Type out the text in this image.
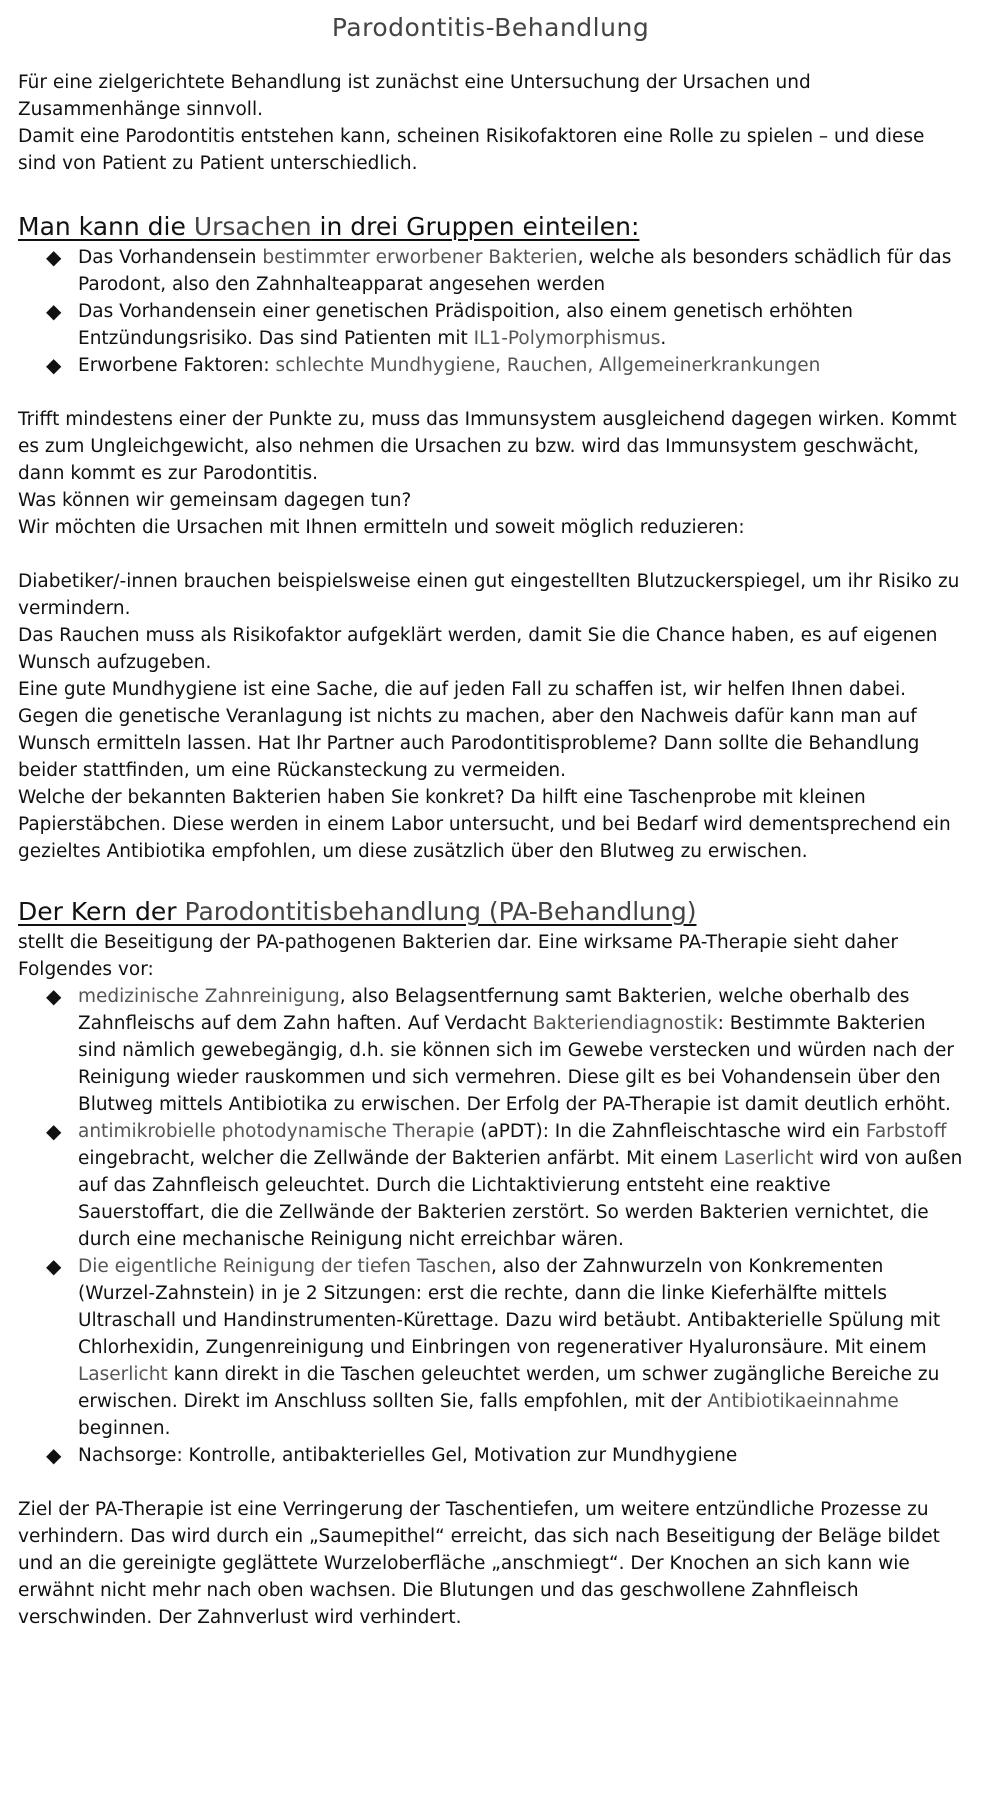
Parodontitis-Behandlung

Für eine zielgerichtete Behandlung ist zunächst eine Untersuchung der Ursachen und Zusammenhänge sinnvoll.

Damit eine Parodontitis entstehen kann, scheinen Risikofaktoren eine Rolle zu spielen – und diese sind von Patient zu Patient unterschiedlich.

Man kann die Ursachen in drei Gruppen einteilen:
◆ Das Vorhandensein bestimmter erworbener Bakterien, welche als besonders schädlich für das Parodont, also den Zahnhalteapparat angesehen werden
◆ Das Vorhandensein einer genetischen Prädispoition, also einem genetisch erhöhten Entzündungsrisiko. Das sind Patienten mit IL1-Polymorphismus.
◆ Erworbene Faktoren: schlechte Mundhygiene, Rauchen, Allgemeinerkrankungen

Trifft mindestens einer der Punkte zu, muss das Immunsystem ausgleichend dagegen wirken. Kommt es zum Ungleichgewicht, also nehmen die Ursachen zu bzw. wird das Immunsystem geschwächt, dann kommt es zur Parodontitis.

Was können wir gemeinsam dagegen tun?

Wir möchten die Ursachen mit Ihnen ermitteln und soweit möglich reduzieren:

Diabetiker/-innen brauchen beispielsweise einen gut eingestellten Blutzuckerspiegel, um ihr Risiko zu vermindern.

Das Rauchen muss als Risikofaktor aufgeklärt werden, damit Sie die Chance haben, es auf eigenen Wunsch aufzugeben.

Eine gute Mundhygiene ist eine Sache, die auf jeden Fall zu schaffen ist, wir helfen Ihnen dabei. Gegen die genetische Veranlagung ist nichts zu machen, aber den Nachweis dafür kann man auf Wunsch ermitteln lassen. Hat Ihr Partner auch Parodontitisprobleme? Dann sollte die Behandlung beider stattfinden, um eine Rückansteckung zu vermeiden.

Welche der bekannten Bakterien haben Sie konkret? Da hilft eine Taschenprobe mit kleinen Papierstäbchen. Diese werden in einem Labor untersucht, und bei Bedarf wird dementsprechend ein gezieltes Antibiotika empfohlen, um diese zusätzlich über den Blutweg zu erwischen.

Der Kern der Parodontitisbehandlung (PA-Behandlung)

stellt die Beseitigung der PA-pathogenen Bakterien dar. Eine wirksame PA-Therapie sieht daher Folgendes vor:

◆ medizinische Zahnreinigung, also Belagsentfernung samt Bakterien, welche oberhalb des Zahnfleischs auf dem Zahn haften. Auf Verdacht Bakteriendiagnostik: Bestimmte Bakterien sind nämlich gewebegängig, d.h. sie können sich im Gewebe verstecken und würden nach der Reinigung wieder rauskommen und sich vermehren. Diese gilt es bei Vohandensein über den Blutweg mittels Antibiotika zu erwischen. Der Erfolg der PA-Therapie ist damit deutlich erhöht.
◆ antimikrobielle photodynamische Therapie (aPDT): In die Zahnfleischtasche wird ein Farbstoff eingebracht, welcher die Zellwände der Bakterien anfärbt. Mit einem Laserlicht wird von außen auf das Zahnfleisch geleuchtet. Durch die Lichtaktivierung entsteht eine reaktive Sauerstoffart, die die Zellwände der Bakterien zerstört. So werden Bakterien vernichtet, die durch eine mechanische Reinigung nicht erreichbar wären.
◆ Die eigentliche Reinigung der tiefen Taschen, also der Zahnwurzeln von Konkrementen (Wurzel-Zahnstein) in je 2 Sitzungen: erst die rechte, dann die linke Kieferhälfte mittels Ultraschall und Handinstrumenten-Kürettage. Dazu wird betäubt. Antibakterielle Spülung mit Chlorhexidin, Zungenreinigung und Einbringen von regenerativer Hyaluronsäure. Mit einem Laserlicht kann direkt in die Taschen geleuchtet werden, um schwer zugängliche Bereiche zu erwischen. Direkt im Anschluss sollten Sie, falls empfohlen, mit der Antibiotikaeinnahme beginnen.
◆ Nachsorge: Kontrolle, antibakterielles Gel, Motivation zur Mundhygiene

Ziel der PA-Therapie ist eine Verringerung der Taschentiefen, um weitere entzündliche Prozesse zu verhindern. Das wird durch ein „Saumepithel“ erreicht, das sich nach Beseitigung der Beläge bildet und an die gereinigte geglättete Wurzeloberfläche „anschmiegt“. Der Knochen an sich kann wie erwähnt nicht mehr nach oben wachsen. Die Blutungen und das geschwollene Zahnfleisch verschwinden. Der Zahnverlust wird verhindert.
